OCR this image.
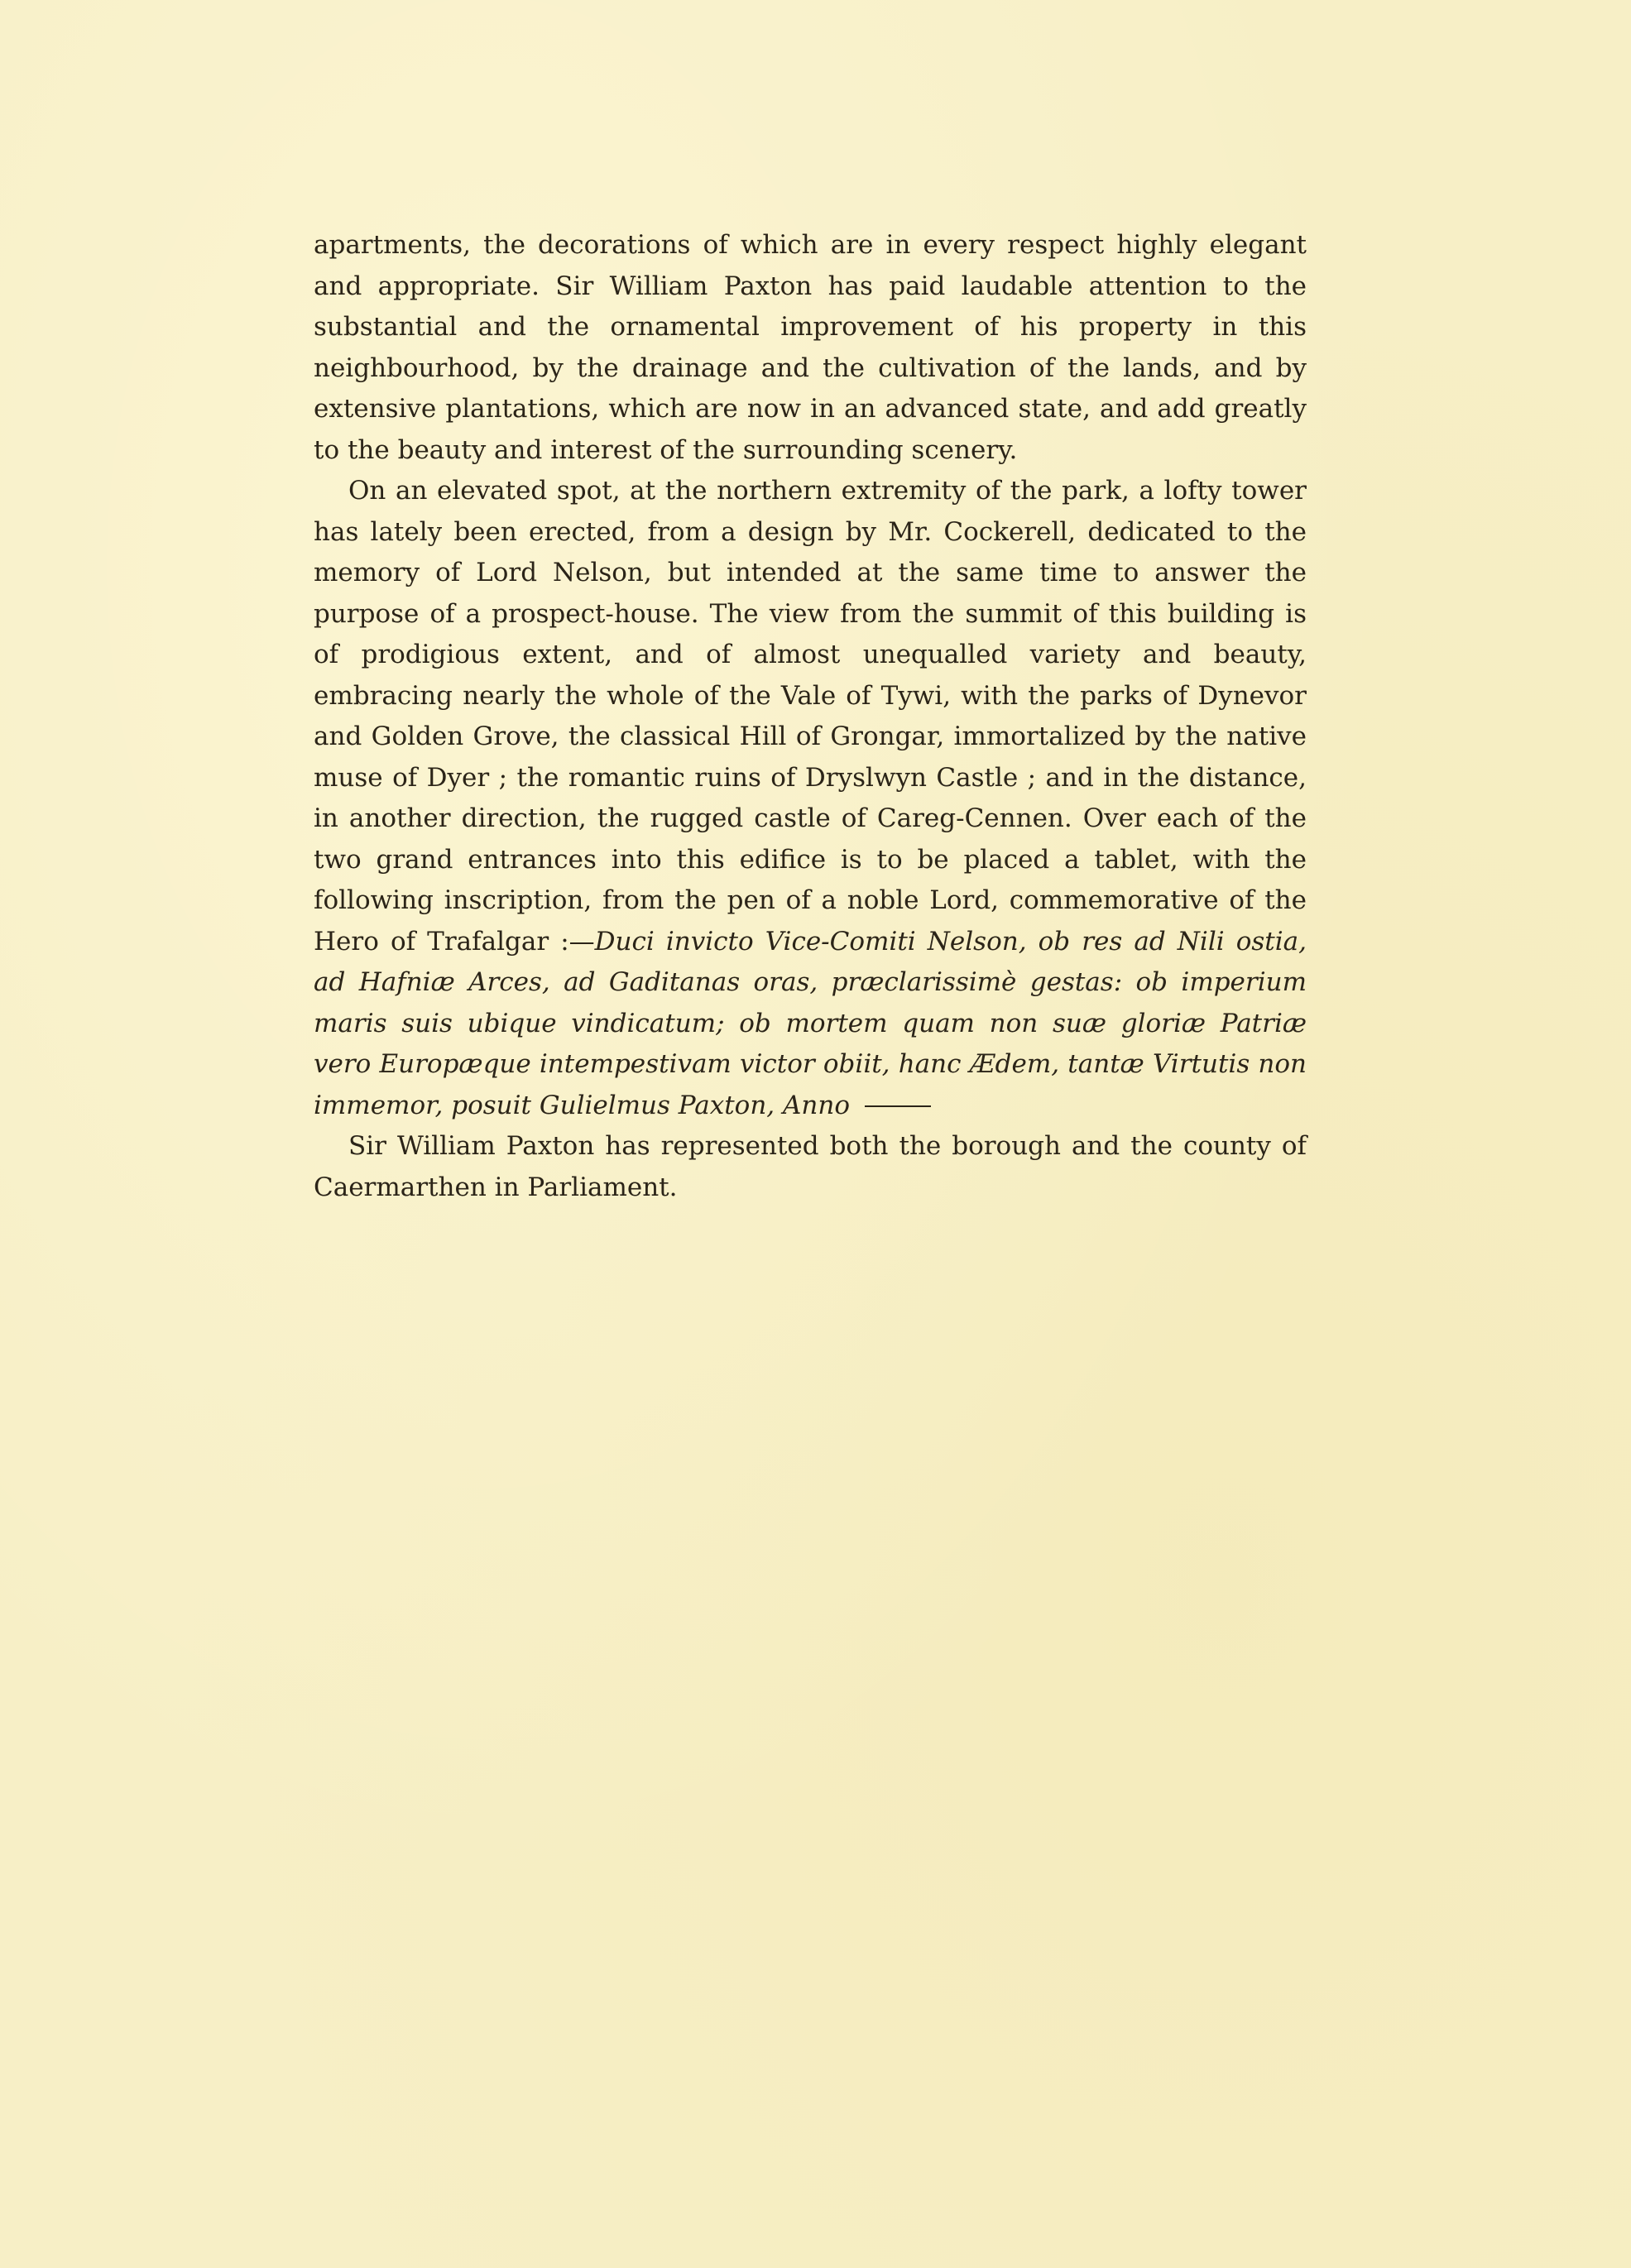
apartments, the decorations of which are in every respect highly elegant and appropriate. Sir William Paxton has paid laudable attention to the substantial and the ornamental improvement of his property in this neighbourhood, by the drainage and the cultivation of the lands, and by extensive plantations, which are now in an advanced state, and add greatly to the beauty and interest of the surrounding scenery.

On an elevated spot, at the northern extremity of the park, a lofty tower has lately been erected, from a design by Mr. Cockerell, dedicated to the memory of Lord Nelson, but intended at the same time to answer the purpose of a prospect-house. The view from the summit of this building is of prodigious extent, and of almost unequalled variety and beauty, embracing nearly the whole of the Vale of Tywi, with the parks of Dynevor and Golden Grove, the classical Hill of Grongar, immortalized by the native muse of Dyer ; the romantic ruins of Dryslwyn Castle ; and in the distance, in another direction, the rugged castle of Careg-Cennen. Over each of the two grand entrances into this edifice is to be placed a tablet, with the following inscription, from the pen of a noble Lord, commemorative of the Hero of Trafalgar :—Duci invicto Vice-Comiti Nelson, ob res ad Nili ostia, ad Hafniæ Arces, ad Gaditanas oras, præclarissimè gestas: ob imperium maris suis ubique vindicatum; ob mortem quam non suæ gloriæ Patriæ vero Europæque intempestivam victor obiit, hanc Ædem, tantæ Virtutis non immemor, posuit Gulielmus Paxton, Anno

Sir William Paxton has represented both the borough and the county of Caermarthen in Parliament.
